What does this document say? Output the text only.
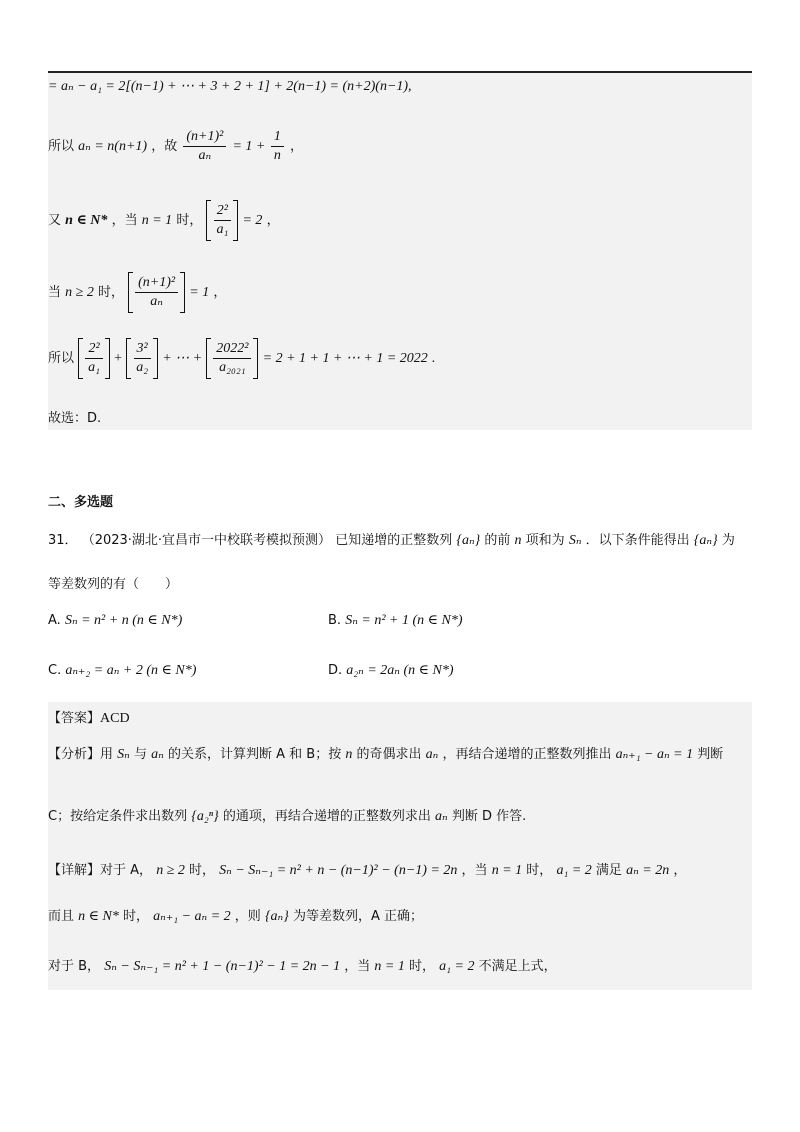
= aₙ − a₁ = 2[(n−1) + ⋯ + 3 + 2 + 1] + 2(n−1) = (n+2)(n−1),
所以 aₙ = n(n+1) ，故 $\frac{\text{(n+1)²}}{\text{aₙ}} = 1 + \frac{1}{n}$ ，
又 n ∈ N* ，当 n = 1 时， $\frac{\text{2²}}{\text{a₁}} = 2$ ，
当 n ≥ 2 时， $\frac{\text{(n+1)²}}{\text{aₙ}} = 1$ ，
所以 $\frac{\text{2²}}{\text{a₁}} + \frac{\text{3²}}{\text{a₂}}$ + ⋯ + $\frac{\text{2022²}}{\text{a₂₀₂₁}} = 2 + 1 + 1$ + ⋯ + 1 = 2022 .
故选：D.
二、多选题
31． （2023·湖北·宜昌市一中校联考模拟预测） 已知递增的正整数列 {aₙ} 的前 n 项和为 Sₙ ．以下条件能得出 {aₙ} 为
等差数列的有（　　）
A. Sₙ = n² + n (n ∈ N*)	B. Sₙ = n² + 1 (n ∈ N*)
C. aₙ₊₂ = aₙ + 2 (n ∈ N*)	D. a₂ₙ = 2aₙ (n ∈ N*)
【答案】ACD
【分析】用 Sₙ 与 aₙ 的关系，计算判断 A 和 B；按 n 的奇偶求出 aₙ ，再结合递增的正整数列推出 aₙ₊₁ − aₙ = 1 判断
C；按给定条件求出数列 {a₂ⁿ} 的通项，再结合递增的正整数列求出 aₙ 判断 D 作答.
【详解】对于 A， n ≥ 2 时， Sₙ − Sₙ₋₁ = n² + n − (n−1)² − (n−1) = 2n ，当 n = 1 时， a₁ = 2 满足 aₙ = 2n ，
而且 n ∈ N* 时， aₙ₊₁ − aₙ = 2 ，则 {aₙ} 为等差数列，A 正确；
对于 B， Sₙ − Sₙ₋₁ = n² + 1 − (n−1)² − 1 = 2n − 1 ，当 n = 1 时， a₁ = 2 不满足上式，
